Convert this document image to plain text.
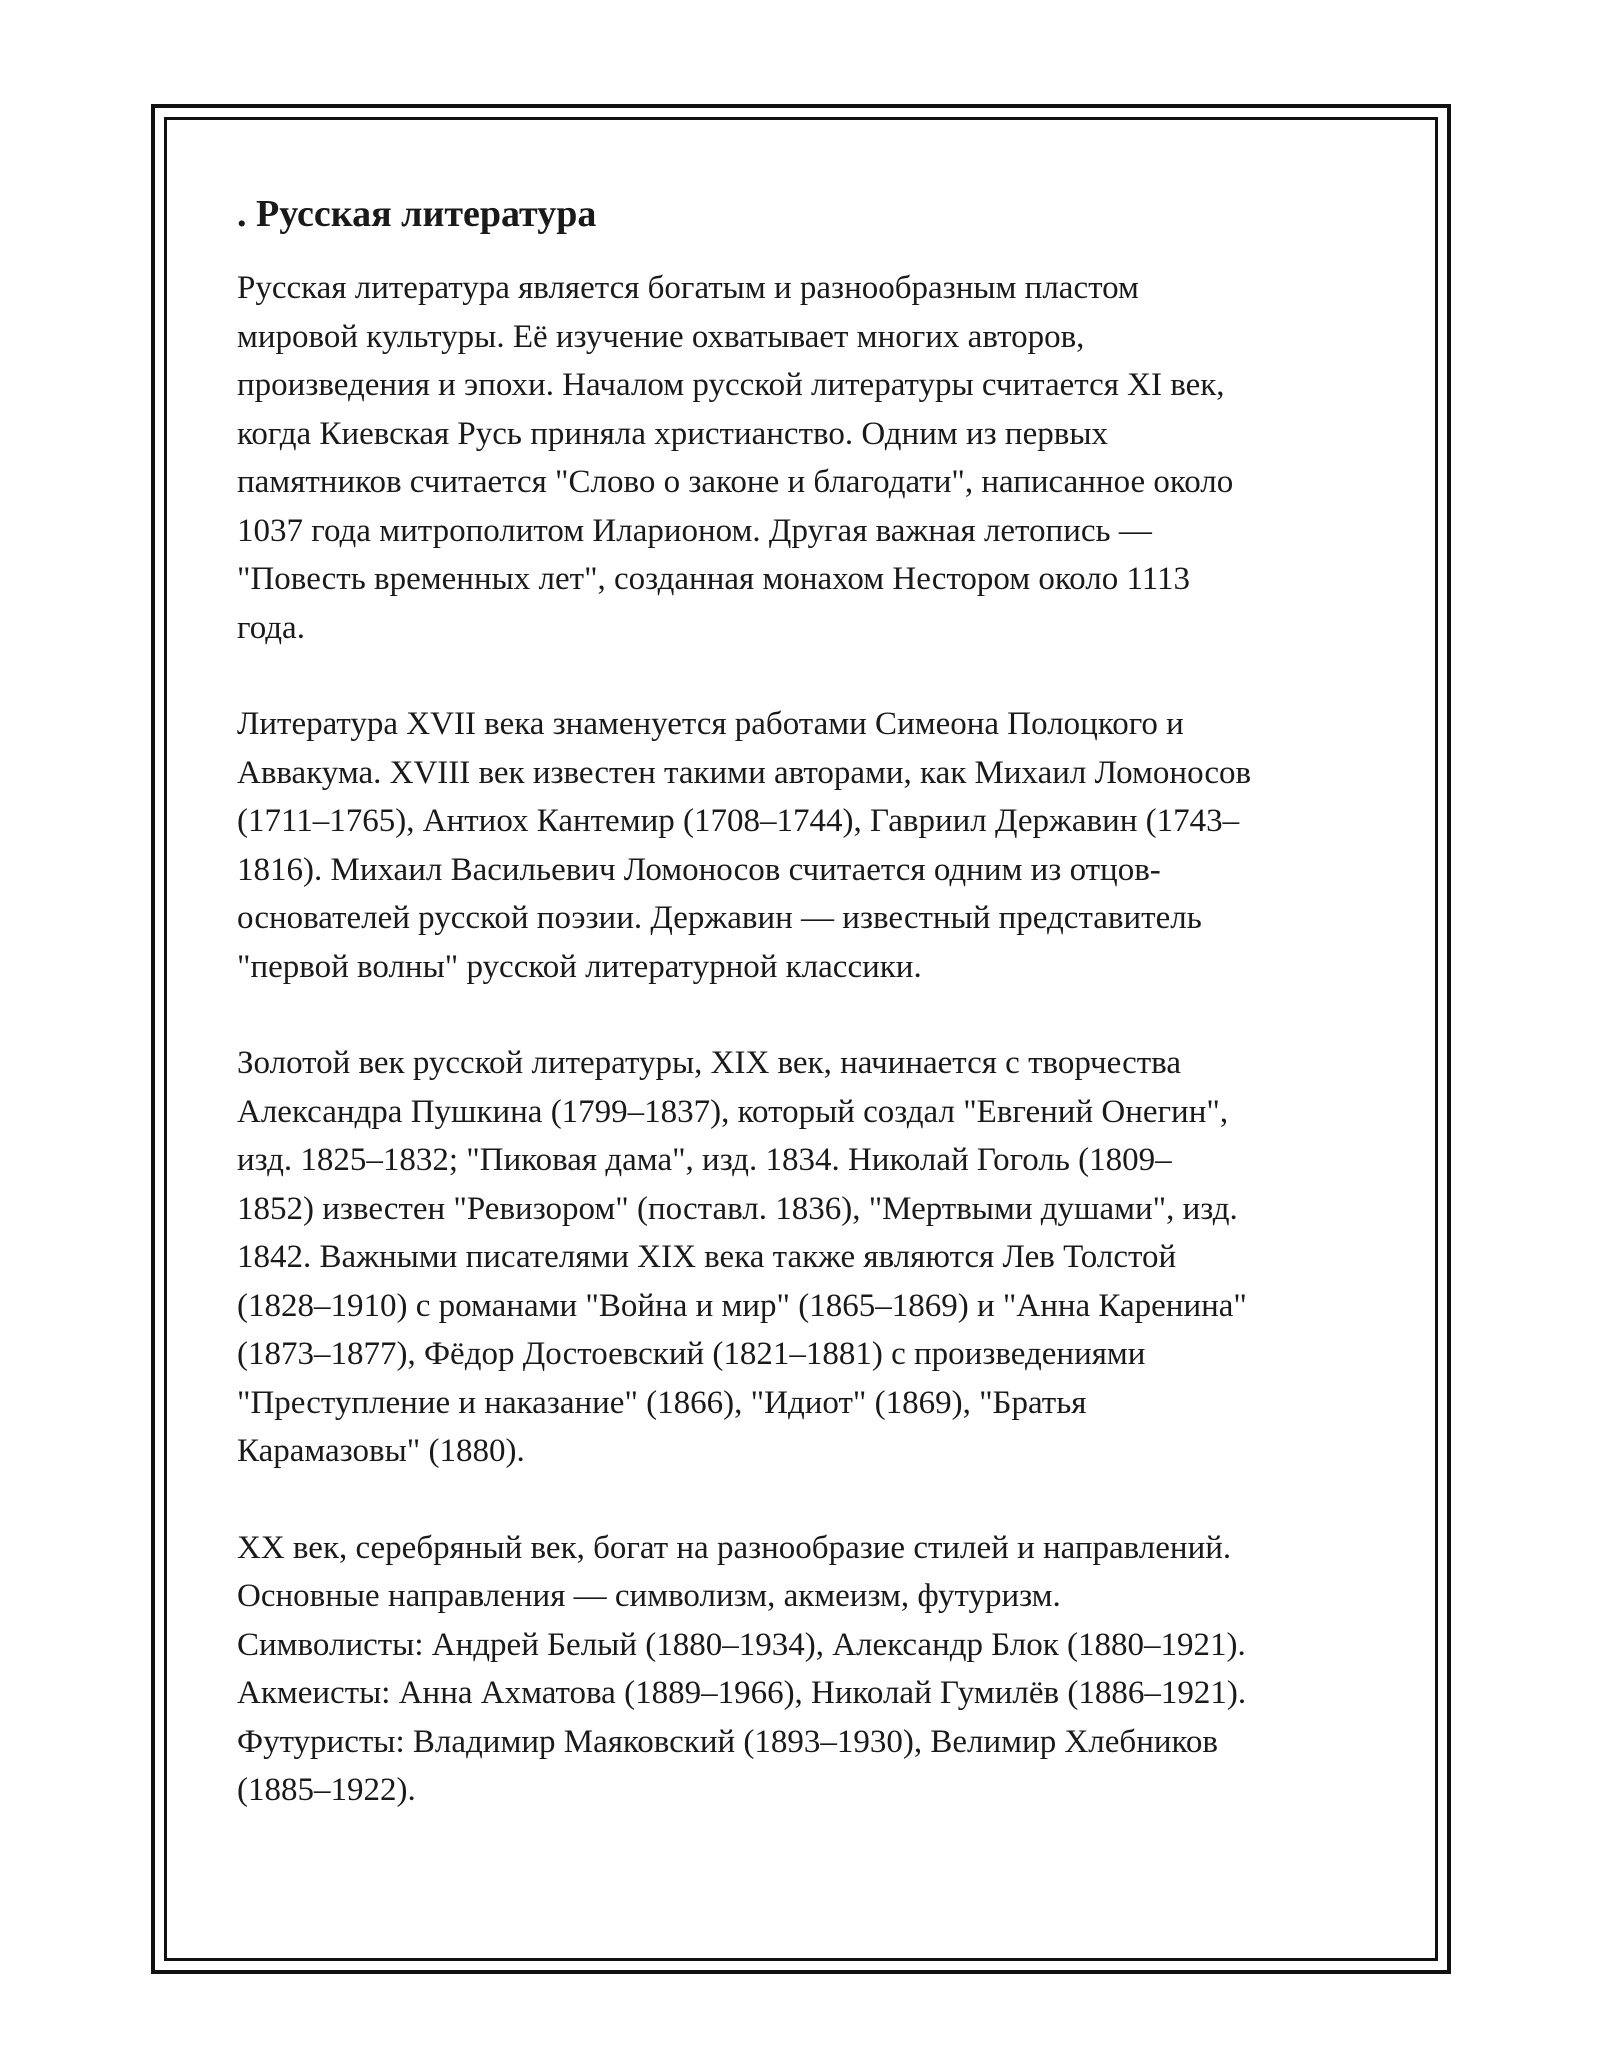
. Русская литература

Русская литература является богатым и разнообразным пластом
мировой культуры. Её изучение охватывает многих авторов,
произведения и эпохи. Началом русской литературы считается XI век,
когда Киевская Русь приняла христианство. Одним из первых
памятников считается "Слово о законе и благодати", написанное около
1037 года митрополитом Иларионом. Другая важная летопись —
"Повесть временных лет", созданная монахом Нестором около 1113
года.

Литература XVII века знаменуется работами Симеона Полоцкого и
Аввакума. XVIII век известен такими авторами, как Михаил Ломоносов
(1711–1765), Антиох Кантемир (1708–1744), Гавриил Державин (1743–
1816). Михаил Васильевич Ломоносов считается одним из отцов-
основателей русской поэзии. Державин — известный представитель
"первой волны" русской литературной классики.

Золотой век русской литературы, XIX век, начинается с творчества
Александра Пушкина (1799–1837), который создал "Евгений Онегин",
изд. 1825–1832; "Пиковая дама", изд. 1834. Николай Гоголь (1809–
1852) известен "Ревизором" (поставл. 1836), "Мертвыми душами", изд.
1842. Важными писателями XIX века также являются Лев Толстой
(1828–1910) с романами "Война и мир" (1865–1869) и "Анна Каренина"
(1873–1877), Фёдор Достоевский (1821–1881) с произведениями
"Преступление и наказание" (1866), "Идиот" (1869), "Братья
Карамазовы" (1880).

XX век, серебряный век, богат на разнообразие стилей и направлений.
Основные направления — символизм, акмеизм, футуризм.
Символисты: Андрей Белый (1880–1934), Александр Блок (1880–1921).
Акмеисты: Анна Ахматова (1889–1966), Николай Гумилёв (1886–1921).
Футуристы: Владимир Маяковский (1893–1930), Велимир Хлебников
(1885–1922).
